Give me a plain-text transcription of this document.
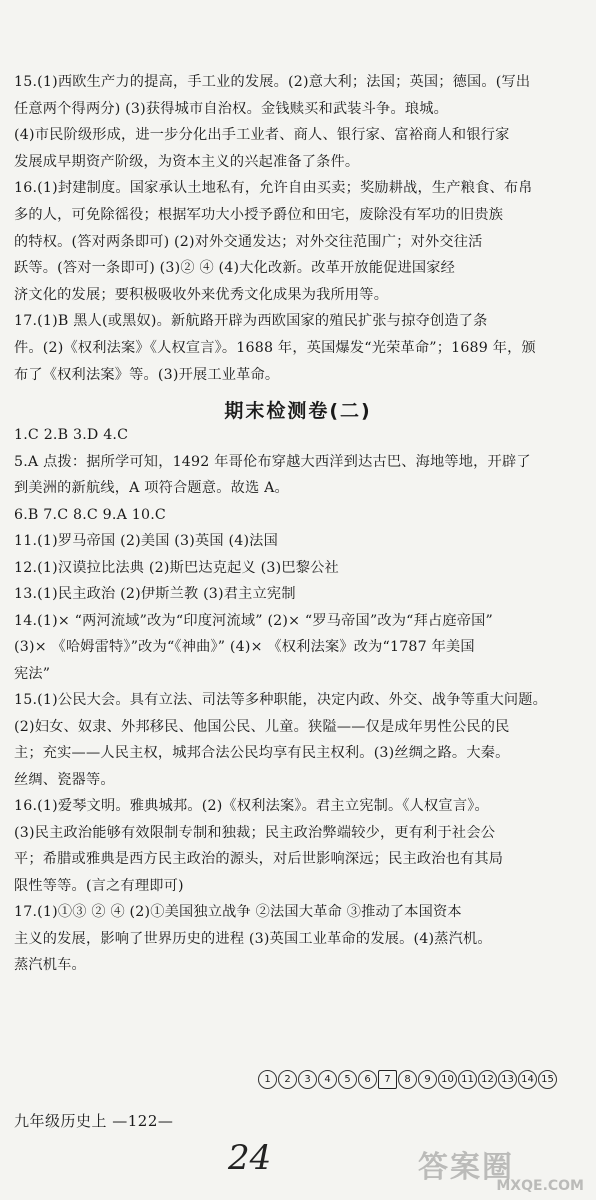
15.(1)西欧生产力的提高，手工业的发展。(2)意大利；法国；英国；德国。(写出
任意两个得两分) (3)获得城市自治权。金钱赎买和武装斗争。琅城。
(4)市民阶级形成，进一步分化出手工业者、商人、银行家、富裕商人和银行家
发展成早期资产阶级，为资本主义的兴起准备了条件。
16.(1)封建制度。国家承认土地私有，允许自由买卖；奖励耕战，生产粮食、布帛
多的人，可免除徭役；根据军功大小授予爵位和田宅，废除没有军功的旧贵族
的特权。(答对两条即可) (2)对外交通发达；对外交往范围广；对外交往活
跃等。(答对一条即可) (3)② ④ (4)大化改新。改革开放能促进国家经
济文化的发展；要积极吸收外来优秀文化成果为我所用等。
17.(1)B 黑人(或黑奴)。新航路开辟为西欧国家的殖民扩张与掠夺创造了条
件。(2)《权利法案》《人权宣言》。1688 年，英国爆发“光荣革命”；1689 年，颁
布了《权利法案》等。(3)开展工业革命。
期末检测卷(二)
1.C 2.B 3.D 4.C
5.A 点拨：据所学可知，1492 年哥伦布穿越大西洋到达古巴、海地等地，开辟了
到美洲的新航线，A 项符合题意。故选 A。
6.B 7.C 8.C 9.A 10.C
11.(1)罗马帝国 (2)美国 (3)英国 (4)法国
12.(1)汉谟拉比法典 (2)斯巴达克起义 (3)巴黎公社
13.(1)民主政治 (2)伊斯兰教 (3)君主立宪制
14.(1)× “两河流域”改为“印度河流域” (2)× “罗马帝国”改为“拜占庭帝国”
(3)× 《哈姆雷特》”改为“《神曲》” (4)× 《权利法案》改为“1787 年美国
宪法”
15.(1)公民大会。具有立法、司法等多种职能，决定内政、外交、战争等重大问题。
(2)妇女、奴隶、外邦移民、他国公民、儿童。狭隘——仅是成年男性公民的民
主；充实——人民主权，城邦合法公民均享有民主权利。(3)丝绸之路。大秦。
丝绸、瓷器等。
16.(1)爱琴文明。雅典城邦。(2)《权利法案》。君主立宪制。《人权宣言》。
(3)民主政治能够有效限制专制和独裁；民主政治弊端较少，更有利于社会公
平；希腊或雅典是西方民主政治的源头，对后世影响深远；民主政治也有其局
限性等等。(言之有理即可)
17.(1)①③ ② ④ (2)①美国独立战争 ②法国大革命 ③推动了本国资本
主义的发展，影响了世界历史的进程 (3)英国工业革命的发展。(4)蒸汽机。
蒸汽机车。
1	2	3	4	5	6	7	8	9	10 11 12 13 14 15
九年级历史上 —122—
24	答案圈
MXQE.COM
